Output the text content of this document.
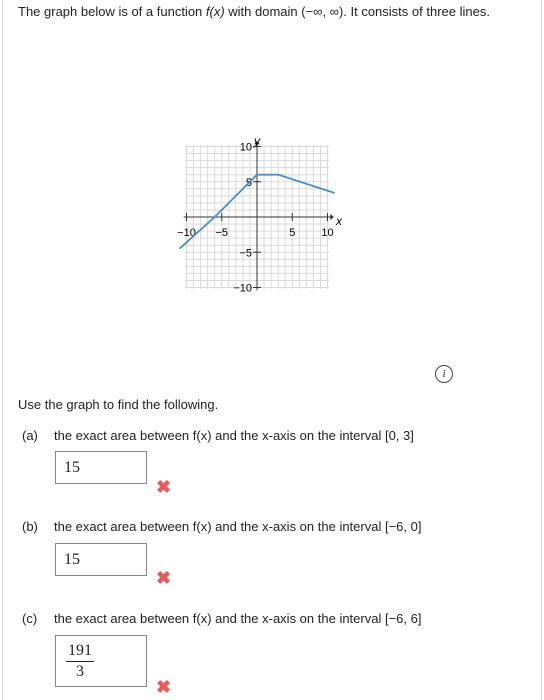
The graph below is of a function f(x) with domain (−∞, ∞). It consists of three lines.
x
y
−10 −5	5 10
10
5
−5
−10
i
Use the graph to find the following.
(a) the exact area between f(x) and the x-axis on the interval [0, 3]
15
✖
(b) the exact area between f(x) and the x-axis on the interval [−6, 0]
15
✖
(c) the exact area between f(x) and the x-axis on the interval [−6, 6]
$\frac{191}{3}$
✖
